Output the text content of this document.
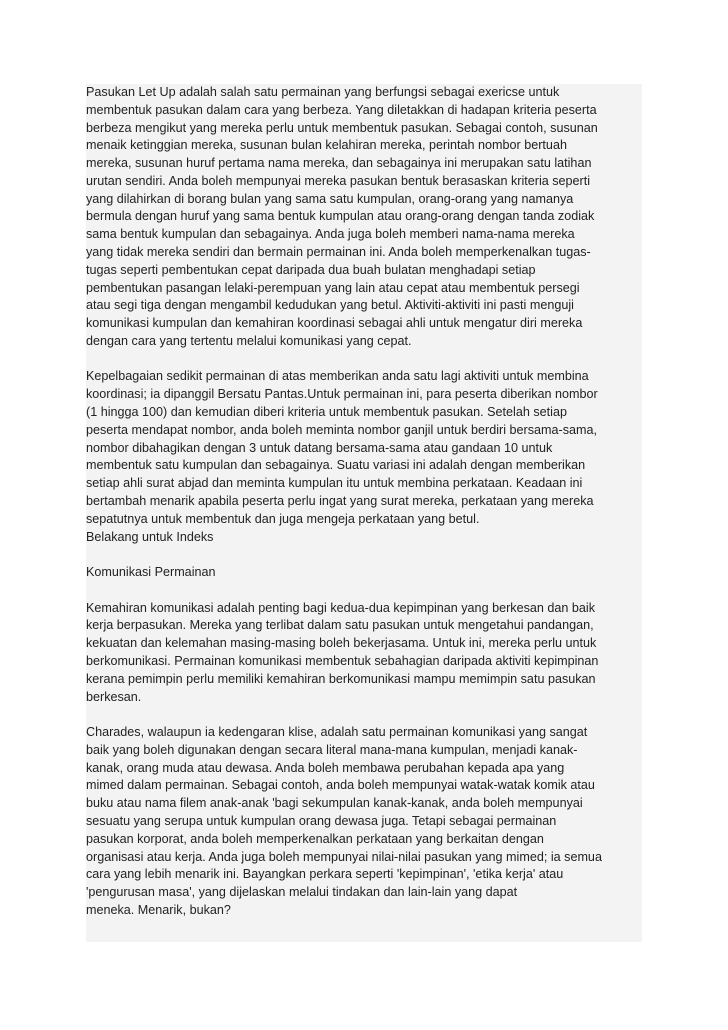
Pasukan Let Up adalah salah satu permainan yang berfungsi sebagai exericse untuk
membentuk pasukan dalam cara yang berbeza. Yang diletakkan di hadapan kriteria peserta
berbeza mengikut yang mereka perlu untuk membentuk pasukan. Sebagai contoh, susunan
menaik ketinggian mereka, susunan bulan kelahiran mereka, perintah nombor bertuah
mereka, susunan huruf pertama nama mereka, dan sebagainya ini merupakan satu latihan
urutan sendiri. Anda boleh mempunyai mereka pasukan bentuk berasaskan kriteria seperti
yang dilahirkan di borang bulan yang sama satu kumpulan, orang-orang yang namanya
bermula dengan huruf yang sama bentuk kumpulan atau orang-orang dengan tanda zodiak
sama bentuk kumpulan dan sebagainya. Anda juga boleh memberi nama-nama mereka
yang tidak mereka sendiri dan bermain permainan ini. Anda boleh memperkenalkan tugas-
tugas seperti pembentukan cepat daripada dua buah bulatan menghadapi setiap
pembentukan pasangan lelaki-perempuan yang lain atau cepat atau membentuk persegi
atau segi tiga dengan mengambil kedudukan yang betul. Aktiviti-aktiviti ini pasti menguji
komunikasi kumpulan dan kemahiran koordinasi sebagai ahli untuk mengatur diri mereka
dengan cara yang tertentu melalui komunikasi yang cepat.

Kepelbagaian sedikit permainan di atas memberikan anda satu lagi aktiviti untuk membina
koordinasi; ia dipanggil Bersatu Pantas.Untuk permainan ini, para peserta diberikan nombor
(1 hingga 100) dan kemudian diberi kriteria untuk membentuk pasukan. Setelah setiap
peserta mendapat nombor, anda boleh meminta nombor ganjil untuk berdiri bersama-sama,
nombor dibahagikan dengan 3 untuk datang bersama-sama atau gandaan 10 untuk
membentuk satu kumpulan dan sebagainya. Suatu variasi ini adalah dengan memberikan
setiap ahli surat abjad dan meminta kumpulan itu untuk membina perkataan. Keadaan ini
bertambah menarik apabila peserta perlu ingat yang surat mereka, perkataan yang mereka
sepatutnya untuk membentuk dan juga mengeja perkataan yang betul.
Belakang untuk Indeks

Komunikasi Permainan

Kemahiran komunikasi adalah penting bagi kedua-dua kepimpinan yang berkesan dan baik
kerja berpasukan. Mereka yang terlibat dalam satu pasukan untuk mengetahui pandangan,
kekuatan dan kelemahan masing-masing boleh bekerjasama. Untuk ini, mereka perlu untuk
berkomunikasi. Permainan komunikasi membentuk sebahagian daripada aktiviti kepimpinan
kerana pemimpin perlu memiliki kemahiran berkomunikasi mampu memimpin satu pasukan
berkesan.

Charades, walaupun ia kedengaran klise, adalah satu permainan komunikasi yang sangat
baik yang boleh digunakan dengan secara literal mana-mana kumpulan, menjadi kanak-
kanak, orang muda atau dewasa. Anda boleh membawa perubahan kepada apa yang
mimed dalam permainan. Sebagai contoh, anda boleh mempunyai watak-watak komik atau
buku atau nama filem anak-anak 'bagi sekumpulan kanak-kanak, anda boleh mempunyai
sesuatu yang serupa untuk kumpulan orang dewasa juga. Tetapi sebagai permainan
pasukan korporat, anda boleh memperkenalkan perkataan yang berkaitan dengan
organisasi atau kerja. Anda juga boleh mempunyai nilai-nilai pasukan yang mimed; ia semua
cara yang lebih menarik ini. Bayangkan perkara seperti 'kepimpinan', 'etika kerja' atau
'pengurusan masa', yang dijelaskan melalui tindakan dan lain-lain yang dapat
meneka. Menarik, bukan?
